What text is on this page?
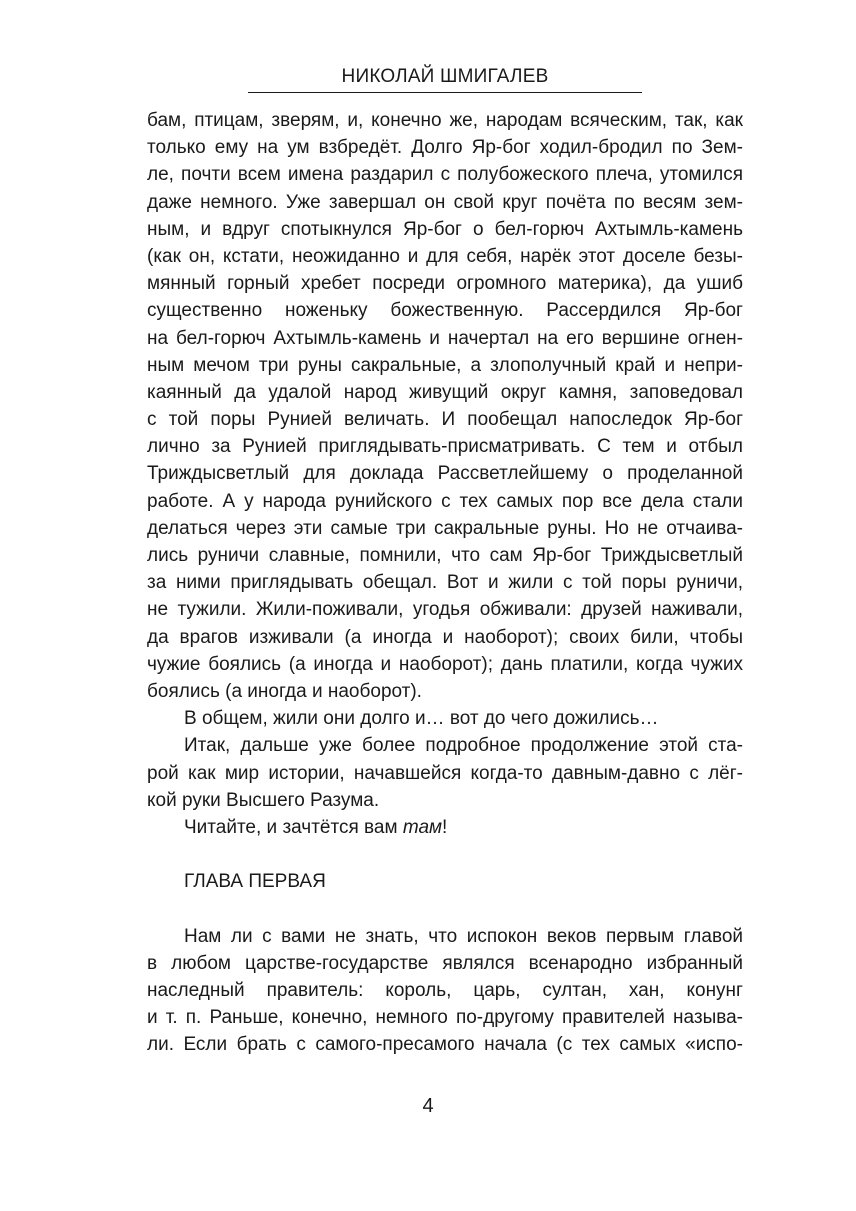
НИКОЛАЙ ШМИГАЛЕВ
бам, птицам, зверям, и, конечно же, народам всяческим, так, как
только ему на ум взбредёт. Долго Яр-бог ходил-бродил по Зем-
ле, почти всем имена раздарил с полубожеского плеча, утомился
даже немного. Уже завершал он свой круг почёта по весям зем-
ным, и вдруг спотыкнулся Яр-бог о бел-горюч Ахтымль-камень
(как он, кстати, неожиданно и для себя, нарёк этот доселе безы-
мянный горный хребет посреди огромного материка), да ушиб
существенно ноженьку божественную. Рассердился Яр-бог
на бел-горюч Ахтымль-камень и начертал на его вершине огнен-
ным мечом три руны сакральные, а злополучный край и непри-
каянный да удалой народ живущий округ камня, заповедовал
с той поры Рунией величать. И пообещал напоследок Яр-бог
лично за Рунией приглядывать-присматривать. С тем и отбыл
Триждысветлый для доклада Рассветлейшему о проделанной
работе. А у народа рунийского с тех самых пор все дела стали
делаться через эти самые три сакральные руны. Но не отчаива-
лись руничи славные, помнили, что сам Яр-бог Триждысветлый
за ними приглядывать обещал. Вот и жили с той поры руничи,
не тужили. Жили-поживали, угодья обживали: друзей наживали,
да врагов изживали (а иногда и наоборот); своих били, чтобы
чужие боялись (а иногда и наоборот); дань платили, когда чужих
боялись (а иногда и наоборот).
В общем, жили они долго и… вот до чего дожились…
Итак, дальше уже более подробное продолжение этой ста-
рой как мир истории, начавшейся когда-то давным-давно с лёг-
кой руки Высшего Разума.
Читайте, и зачтётся вам там!
ГЛАВА ПЕРВАЯ
Нам ли с вами не знать, что испокон веков первым главой
в любом царстве-государстве являлся всенародно избранный
наследный правитель: король, царь, султан, хан, конунг
и т. п. Раньше, конечно, немного по-другому правителей называ-
ли. Если брать с самого-пресамого начала (с тех самых «испо-
4
